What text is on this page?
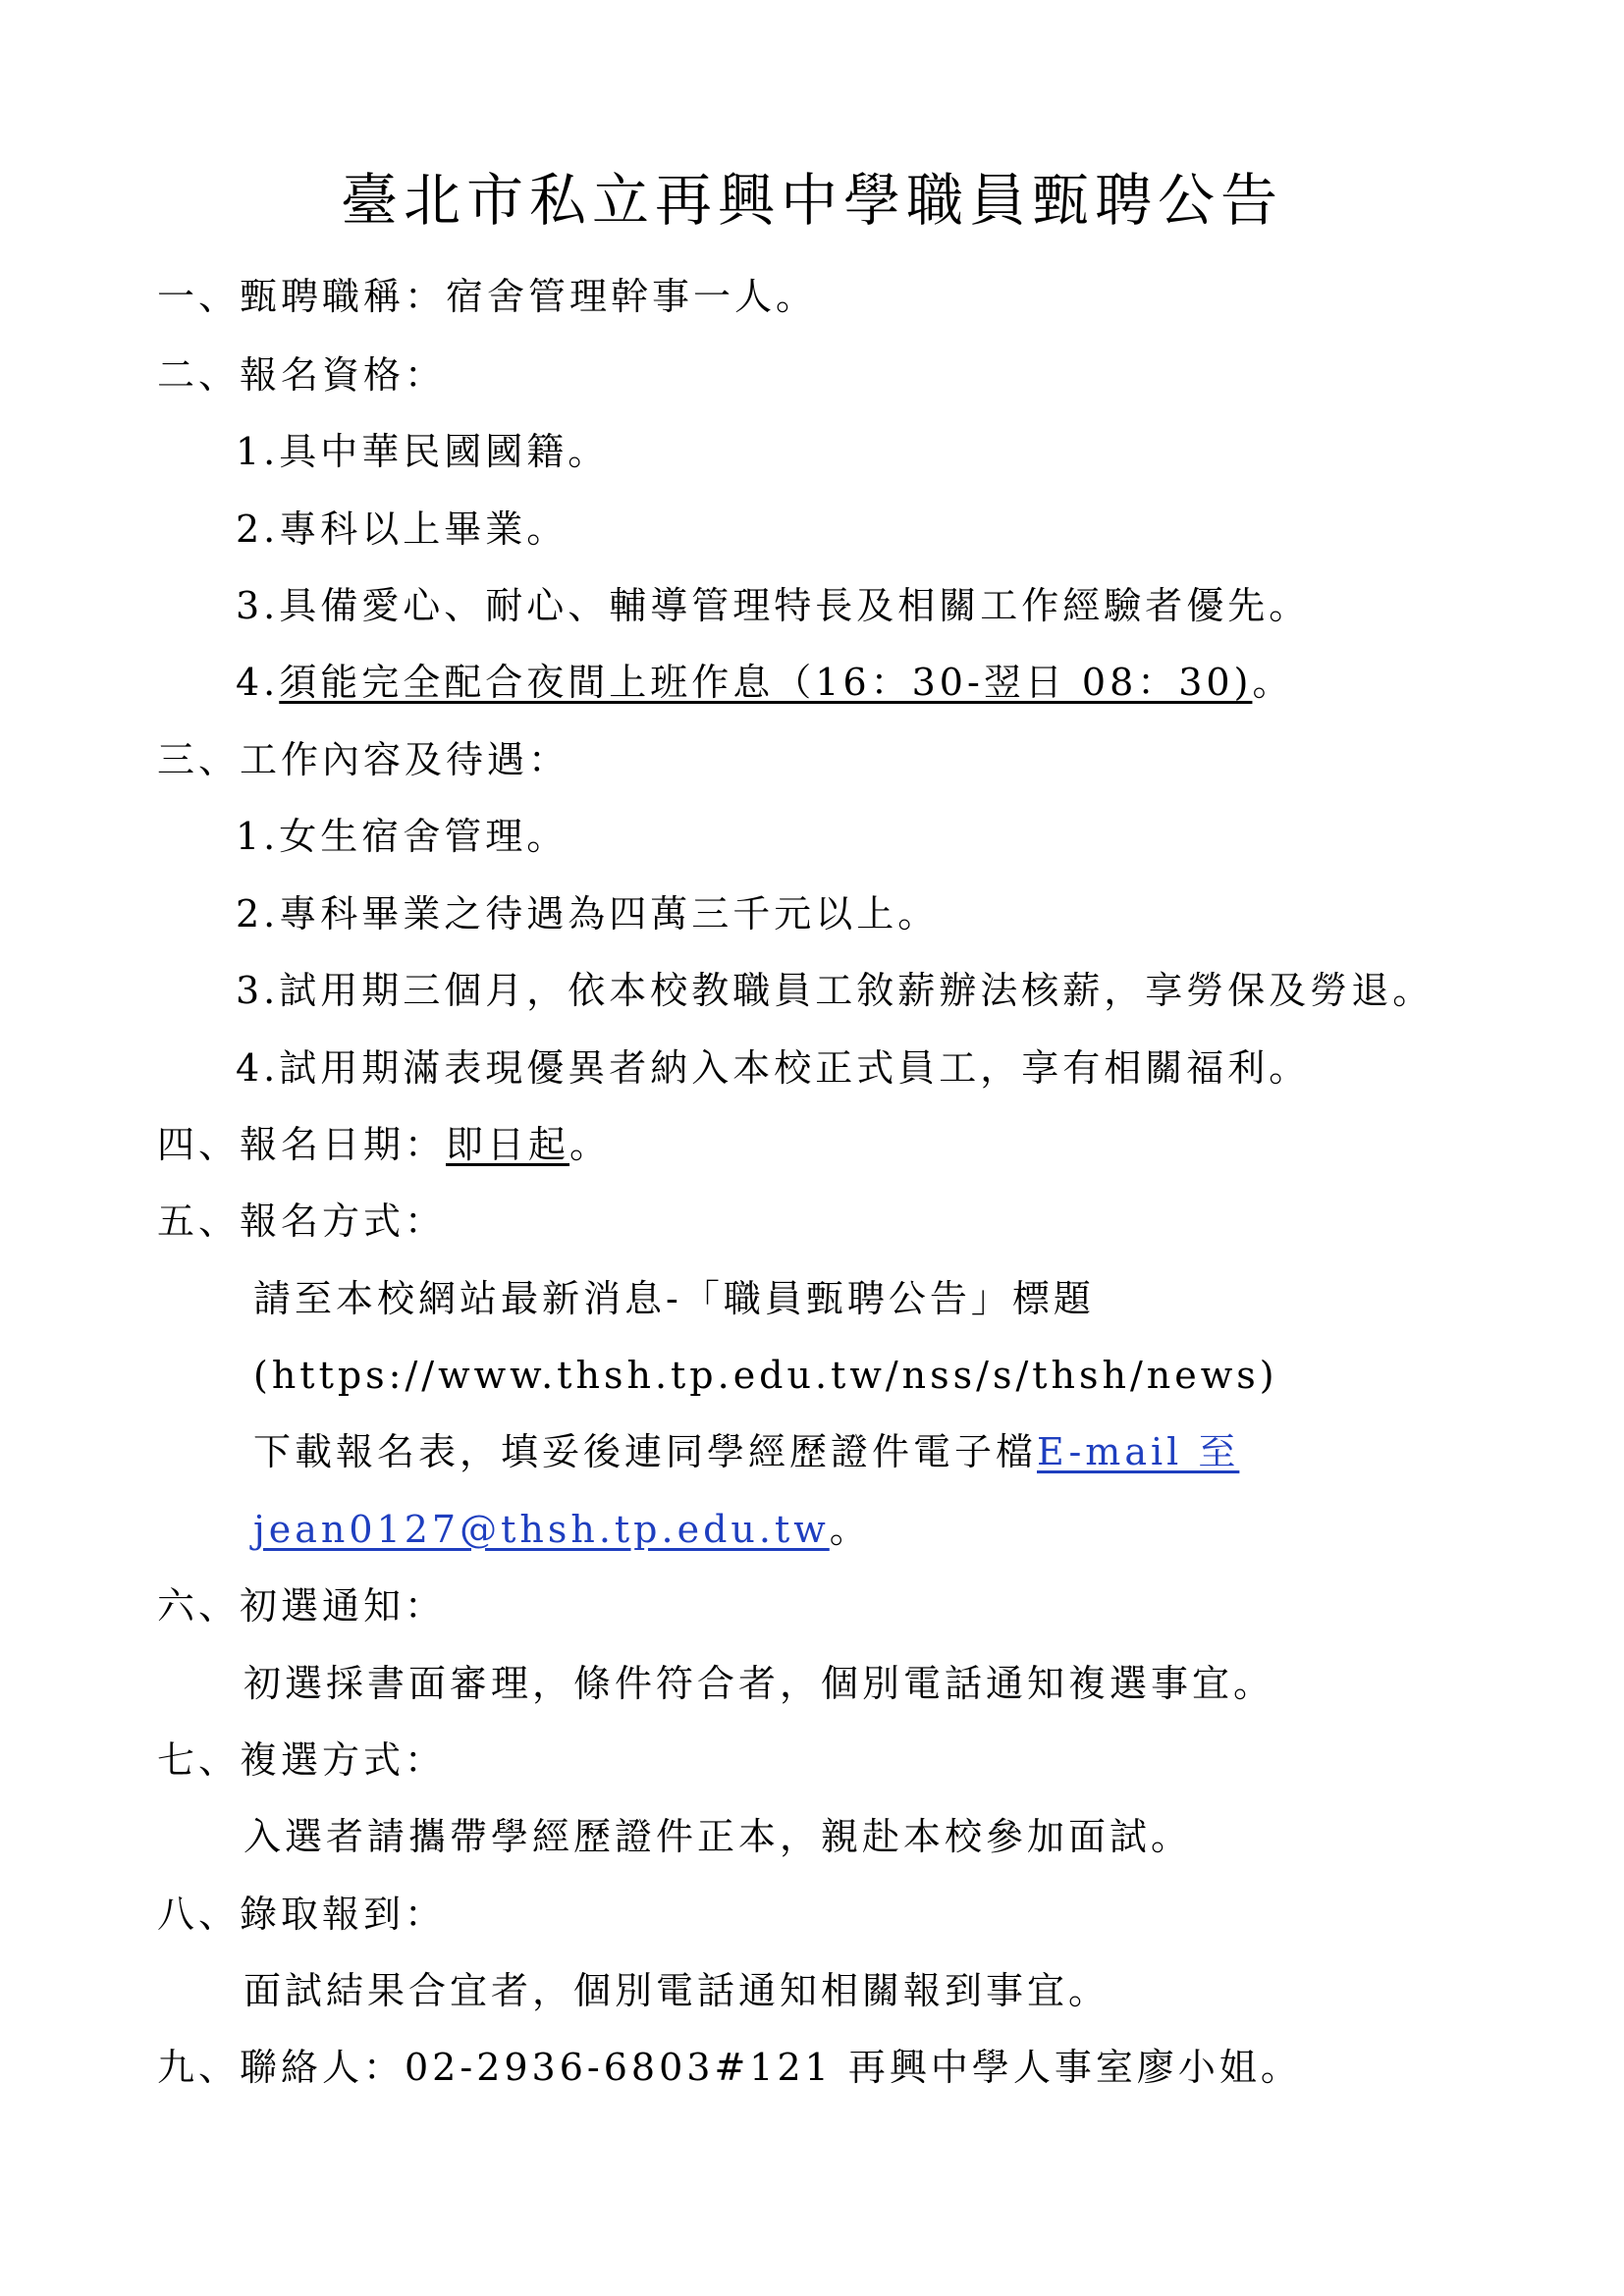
臺北市私立再興中學職員甄聘公告
一、甄聘職稱：宿舍管理幹事一人。
二、報名資格：
1.具中華民國國籍。
2.專科以上畢業。
3.具備愛心、耐心、輔導管理特長及相關工作經驗者優先。
4.須能完全配合夜間上班作息（16：30-翌日 08：30)。
三、工作內容及待遇：
1.女生宿舍管理。
2.專科畢業之待遇為四萬三千元以上。
3.試用期三個月，依本校教職員工敘薪辦法核薪，享勞保及勞退。
4.試用期滿表現優異者納入本校正式員工，享有相關福利。
四、報名日期：即日起。
五、報名方式：
請至本校網站最新消息-「職員甄聘公告」標題
(https://www.thsh.tp.edu.tw/nss/s/thsh/news)
下載報名表，填妥後連同學經歷證件電子檔E-mail 至
jean0127@thsh.tp.edu.tw。
六、初選通知：
初選採書面審理，條件符合者，個別電話通知複選事宜。
七、複選方式：
入選者請攜帶學經歷證件正本，親赴本校參加面試。
八、錄取報到：
面試結果合宜者，個別電話通知相關報到事宜。
九、聯絡人：02-2936-6803#121 再興中學人事室廖小姐。
